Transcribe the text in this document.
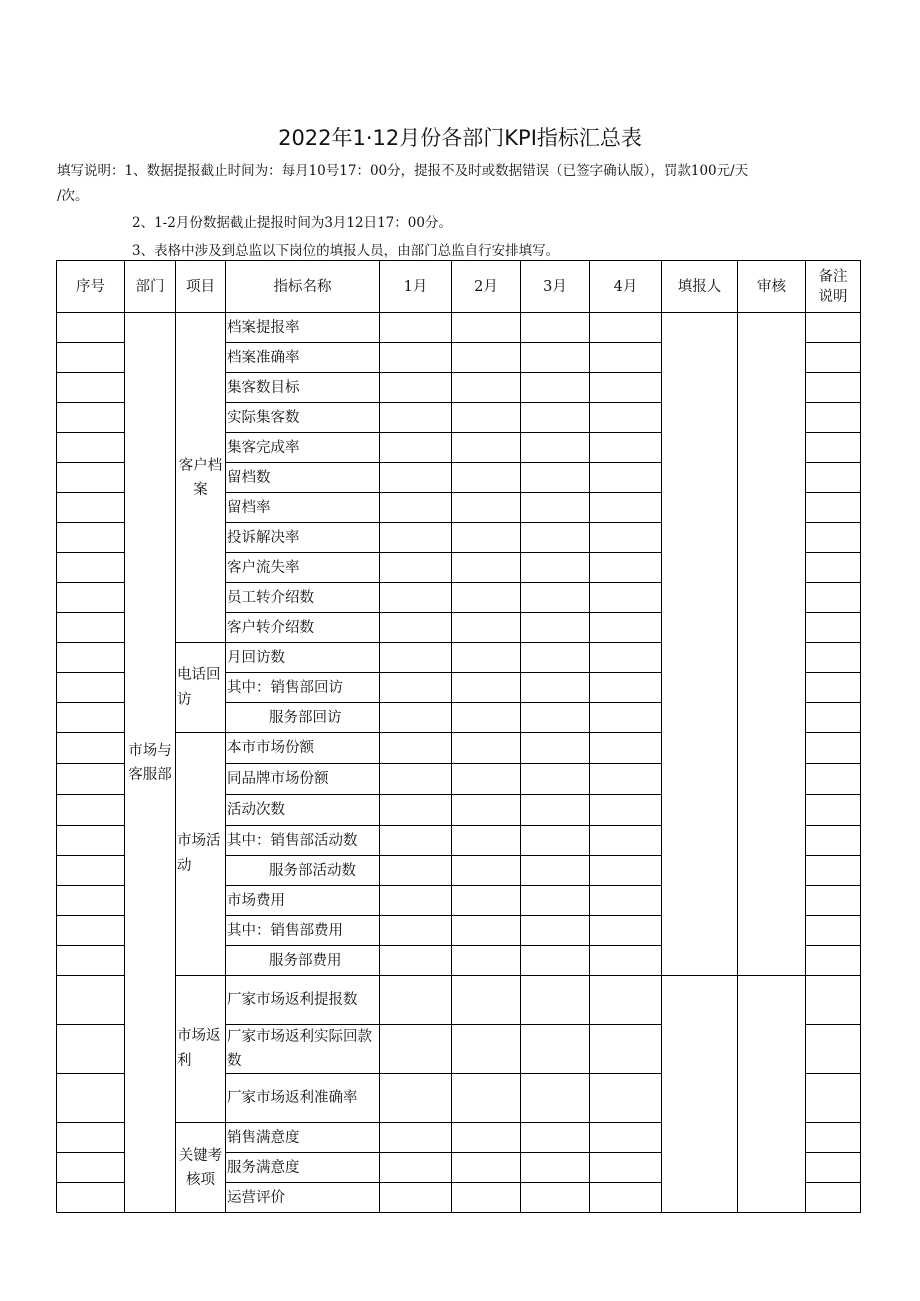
2022年1·12月份各部门KPI指标汇总表
填写说明：1、数据提报截止时间为：每月10号17：00分，提报不及时或数据错误（已签字确认版），罚款100元/天
/次。
2、1-2月份数据截止提报时间为3月12日17：00分。
3、表格中涉及到总监以下岗位的填报人员，由部门总监自行安排填写。
序号	部门	项目	指标名称	1月	2月	3月	4月	填报人	审核	备注
说明
	市场与客服部	客户档案	档案提报率							
			档案准确率							
			集客数目标							
			实际集客数							
			集客完成率							
			留档数							
			留档率							
			投诉解决率							
			客户流失率							
			员工转介绍数							
			客户转介绍数							
		电话回访	月回访数							
			其中：销售部回访							
			服务部回访							
		市场活动	本市市场份额							
			同品牌市场份额							
			活动次数							
			其中：销售部活动数							
			服务部活动数							
			市场费用							
			其中：销售部费用							
			服务部费用							
		市场返利	厂家市场返利提报数							
			厂家市场返利实际回款数							
			厂家市场返利准确率							
		关键考核项	销售满意度							
			服务满意度							
			运营评价							
